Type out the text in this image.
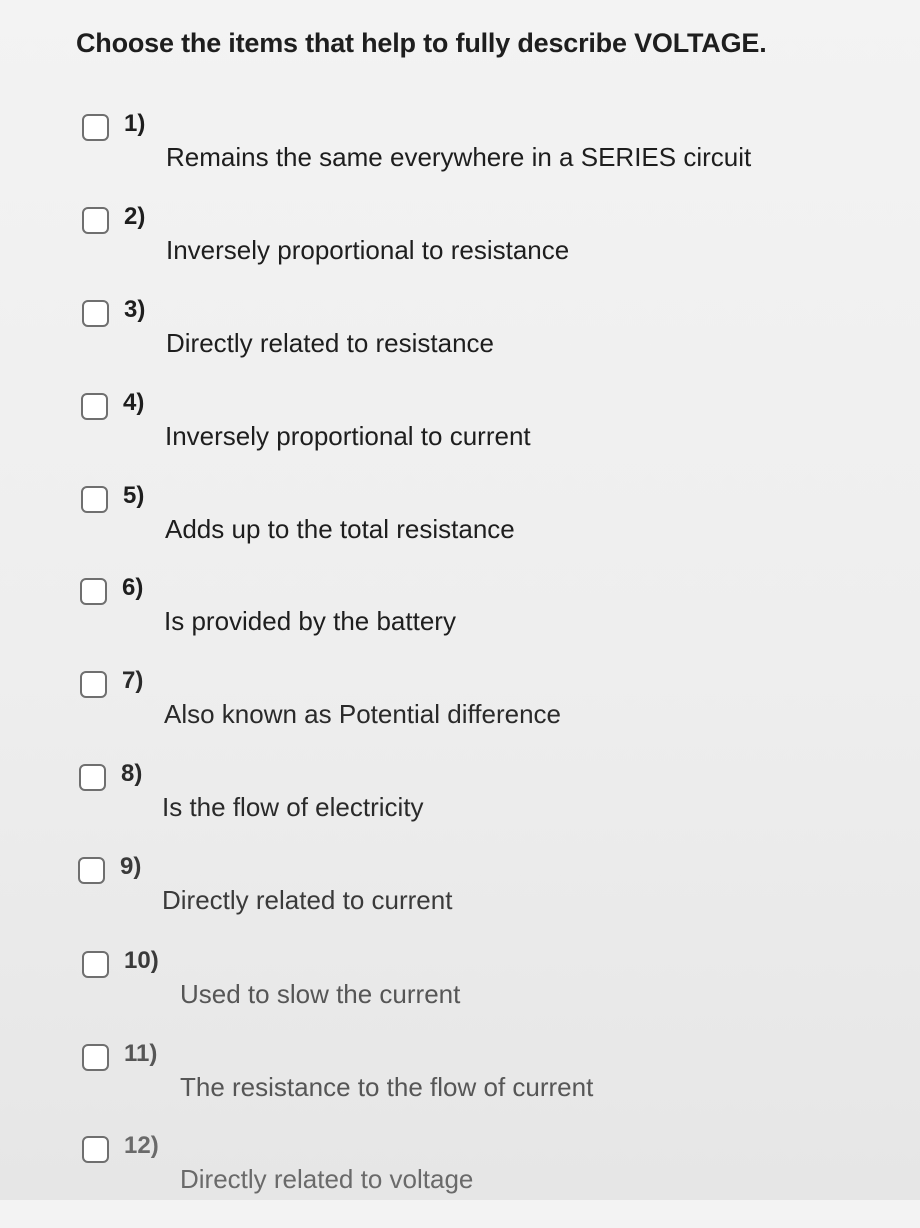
Choose the items that help to fully describe VOLTAGE.
1)
Remains the same everywhere in a SERIES circuit
2)
Inversely proportional to resistance
3)
Directly related to resistance
4)
Inversely proportional to current
5)
Adds up to the total resistance
6)
Is provided by the battery
7)
Also known as Potential difference
8)
Is the flow of electricity
9)
Directly related to current
10)
Used to slow the current
11)
The resistance to the flow of current
12)
Directly related to voltage
